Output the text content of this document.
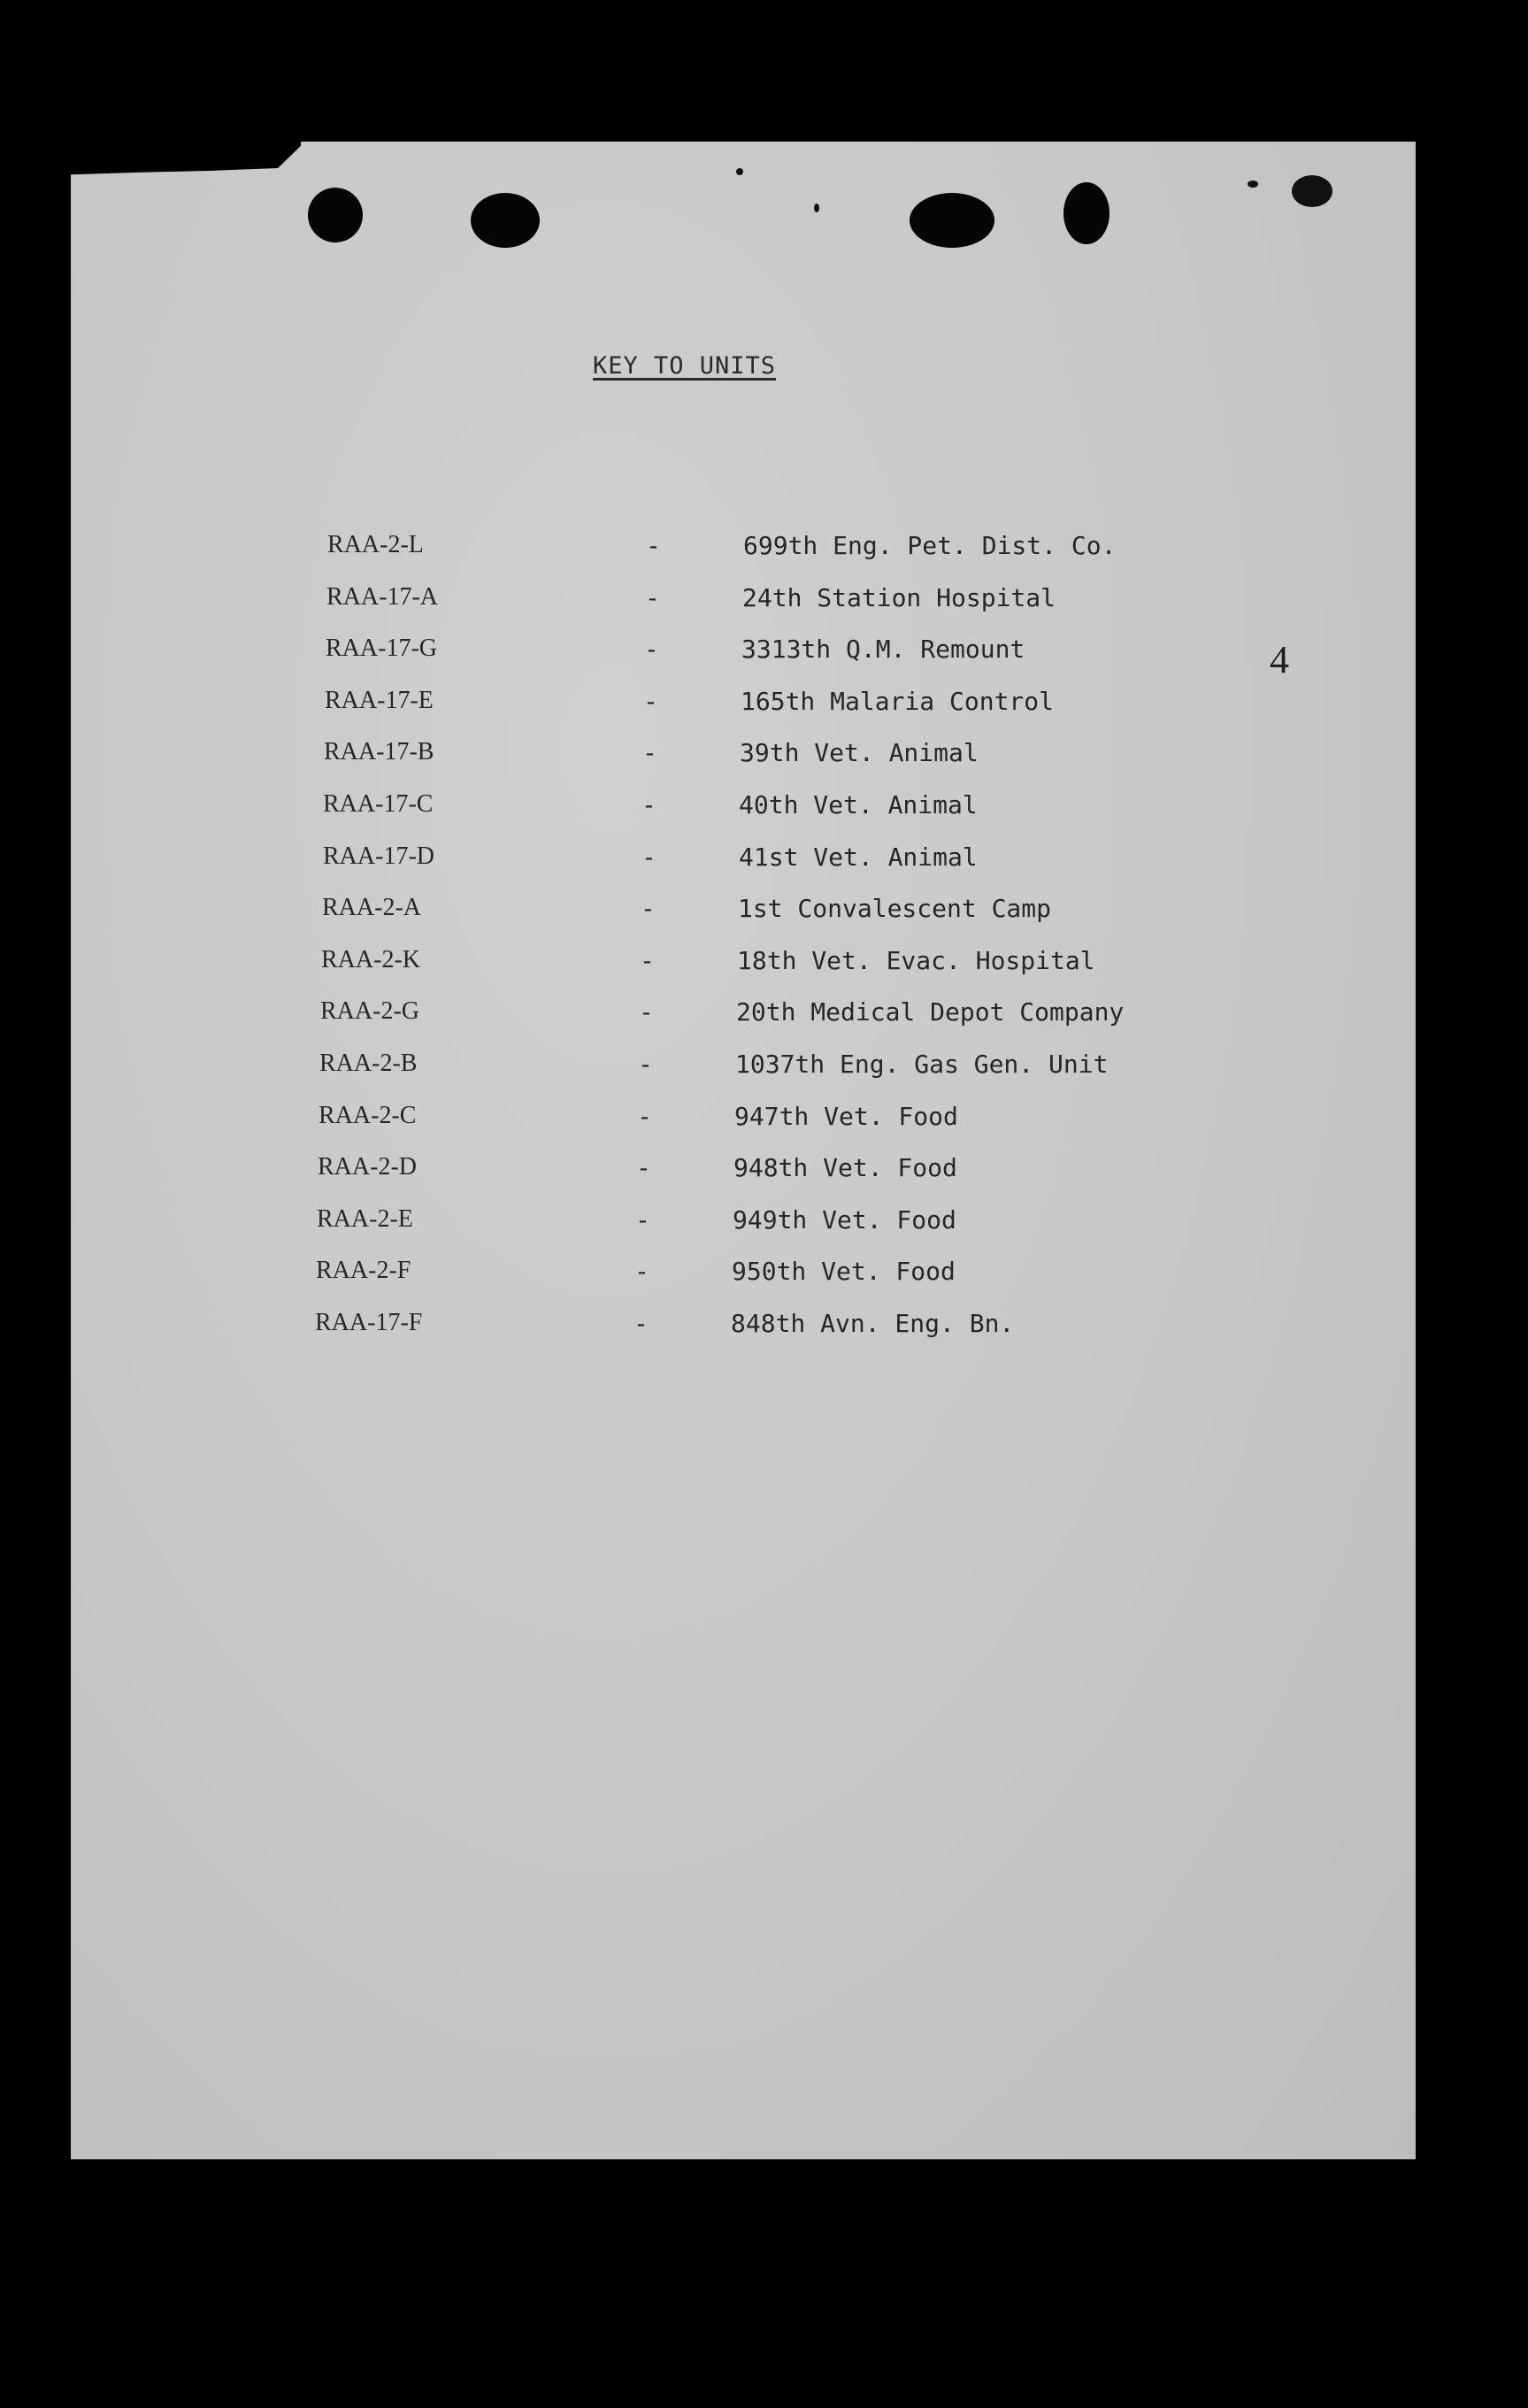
KEY TO UNITS
4
RAA-2-L	-	699th Eng. Pet. Dist. Co.
RAA-17-A	-	24th Station Hospital
RAA-17-G	-	3313th Q.M. Remount
RAA-17-E	-	165th Malaria Control
RAA-17-B	-	39th Vet. Animal
RAA-17-C	-	40th Vet. Animal
RAA-17-D	-	41st Vet. Animal
RAA-2-A	-	1st Convalescent Camp
RAA-2-K	-	18th Vet. Evac. Hospital
RAA-2-G	-	20th Medical Depot Company
RAA-2-B	-	1037th Eng. Gas Gen. Unit
RAA-2-C	-	947th Vet. Food
RAA-2-D	-	948th Vet. Food
RAA-2-E	-	949th Vet. Food
RAA-2-F	-	950th Vet. Food
RAA-17-F	-	848th Avn. Eng. Bn.
